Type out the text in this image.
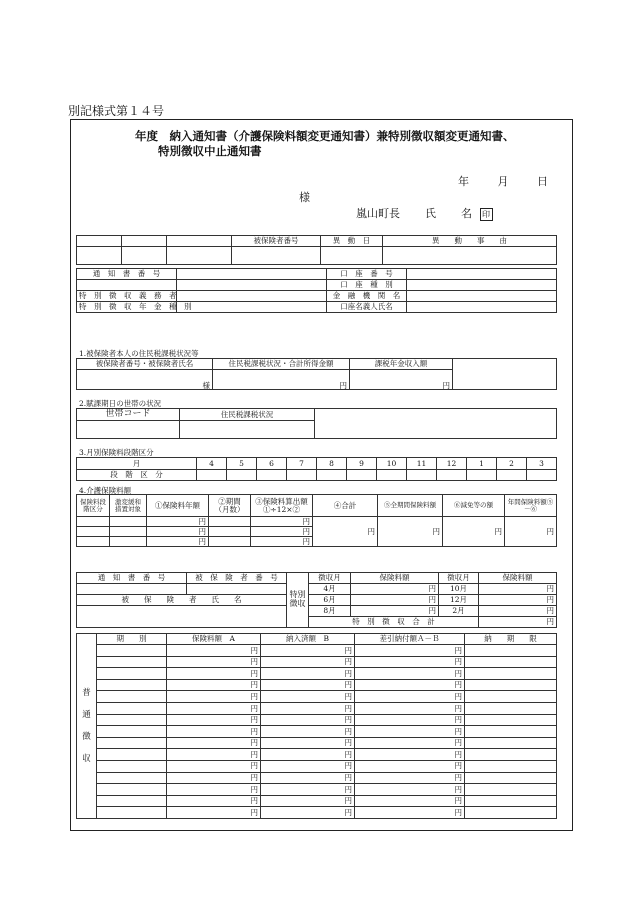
別記様式第１４号
年度　納入通知書（介護保険料額変更通知書）兼特別徴収額変更通知書、
特別徴収中止通知書
年	月	日
様
嵐山町長 氏 名 印
			被保険者番号	異　動　日	異　　動　　事　　由

通　知　書　番　号		口　座　番　号	
		口　座　種　別	
特　別　徴　収　義　務　者		金　融　機　関　名	
特　別　徴　収　年　金　種　別		口座名義人氏名	
1.被保険者本人の住民税課税状況等
被保険者番号・被保険者氏名	住民税課税状況・合計所得金額	課税年金収入額	
様	円	円	
2.賦課期日の世帯の状況
世帯コード	住民税課税状況	

3.月別保険料段階区分
月	4	5	6	7	8	9	10	11	12	1	2	3
段　階　区　分												
4.介護保険料額
保険料段階区分	激変緩和措置対象	①保険料年額	②期間（月数）	③保険料算出額①÷12×②	④合計	⑤全期間保険料額	⑥減免等の額	年間保険料額⑤－⑥
		円		円	円	円	円	円
		円		円				
		円		円				
通　知　書　番　号	被　保　険　者　番　号	特別徴収	徴収月	保険料額	徴収月	保険料額
			4月	円	10月	円
被　　保　　険　　者　　氏　　名			6月	円	12月	円
			8月	円	2月	円
			特　別　徴　収　合　計			円
普通徴収	期　　別	保険料額　A	納入済額　B	差引納付額Ａ－Ｂ	納　　期　　限
		円	円	円	
		円	円	円	
		円	円	円	
		円	円	円	
		円	円	円	
		円	円	円	
		円	円	円	
		円	円	円	
		円	円	円	
		円	円	円	
		円	円	円	
		円	円	円	
		円	円	円	
		円	円	円	
		円	円	円	
